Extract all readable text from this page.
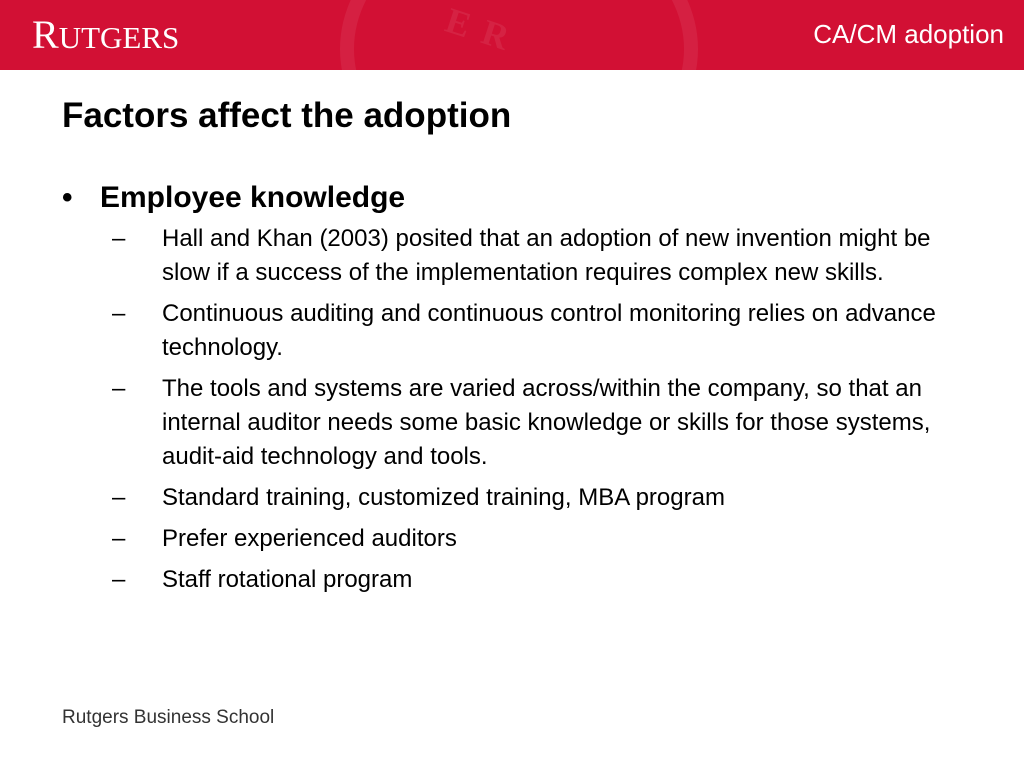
ER
RUTGERS	CA/CM adoption
Factors affect the adoption
• Employee knowledge
–	Hall and Khan (2003) posited that an adoption of new invention might be slow if a success of the implementation requires complex new skills.
–	Continuous auditing and continuous control monitoring relies on advance technology.
–	The tools and systems are varied across/within the company, so that an internal auditor needs some basic knowledge or skills for those systems, audit-aid technology and tools.
–	Standard training, customized training, MBA program
–	Prefer experienced auditors
–	Staff rotational program
Rutgers Business School
